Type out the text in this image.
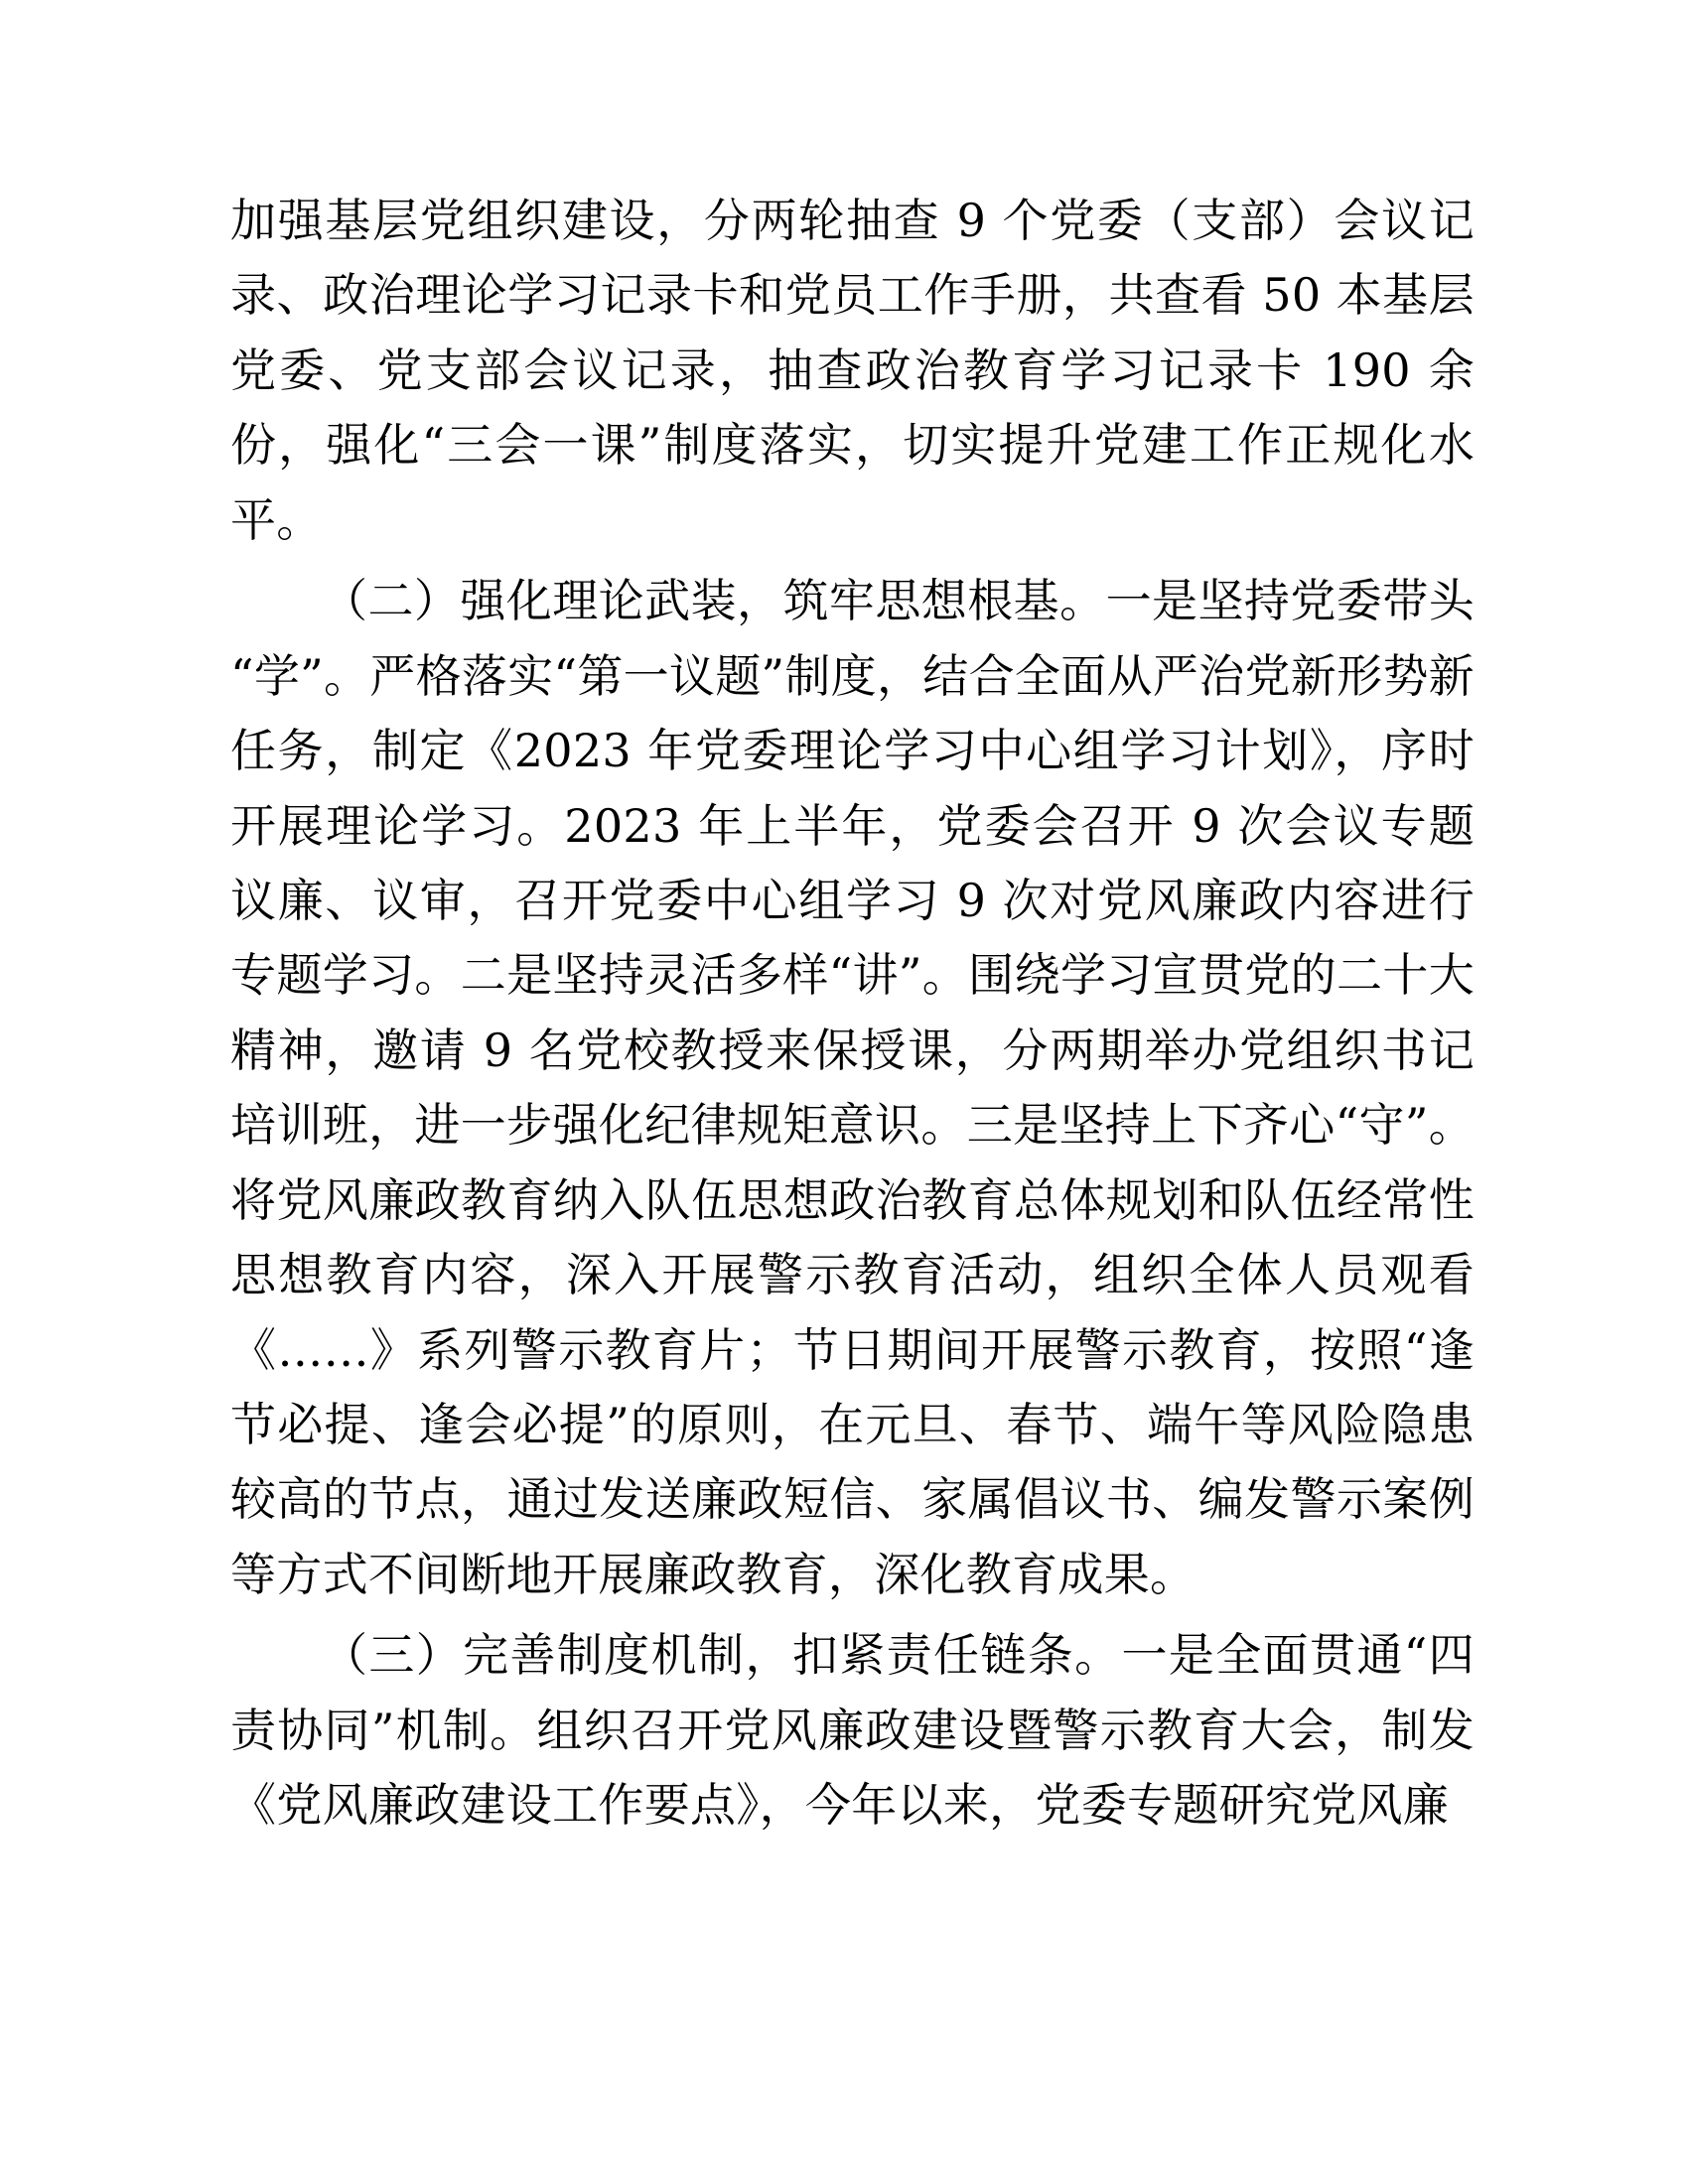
加强基层党组织建设，分两轮抽查 9 个党委（支部）会议记录、政治理论学习记录卡和党员工作手册，共查看 50 本基层党委、党支部会议记录，抽查政治教育学习记录卡 190 余份，强化“三会一课”制度落实，切实提升党建工作正规化水平。

（二）强化理论武装，筑牢思想根基。一是坚持党委带头“学”。严格落实“第一议题”制度，结合全面从严治党新形势新任务，制定《2023 年党委理论学习中心组学习计划》，序时开展理论学习。2023 年上半年，党委会召开 9 次会议专题议廉、议审，召开党委中心组学习 9 次对党风廉政内容进行专题学习。二是坚持灵活多样“讲”。围绕学习宣贯党的二十大精神，邀请 9 名党校教授来保授课，分两期举办党组织书记培训班，进一步强化纪律规矩意识。三是坚持上下齐心“守”。将党风廉政教育纳入队伍思想政治教育总体规划和队伍经常性思想教育内容，深入开展警示教育活动，组织全体人员观看《……》系列警示教育片；节日期间开展警示教育，按照“逢节必提、逢会必提”的原则，在元旦、春节、端午等风险隐患较高的节点，通过发送廉政短信、家属倡议书、编发警示案例等方式不间断地开展廉政教育，深化教育成果。

（三）完善制度机制，扣紧责任链条。一是全面贯通“四责协同”机制。组织召开党风廉政建设暨警示教育大会，制发《党风廉政建设工作要点》，今年以来，党委专题研究党风廉
